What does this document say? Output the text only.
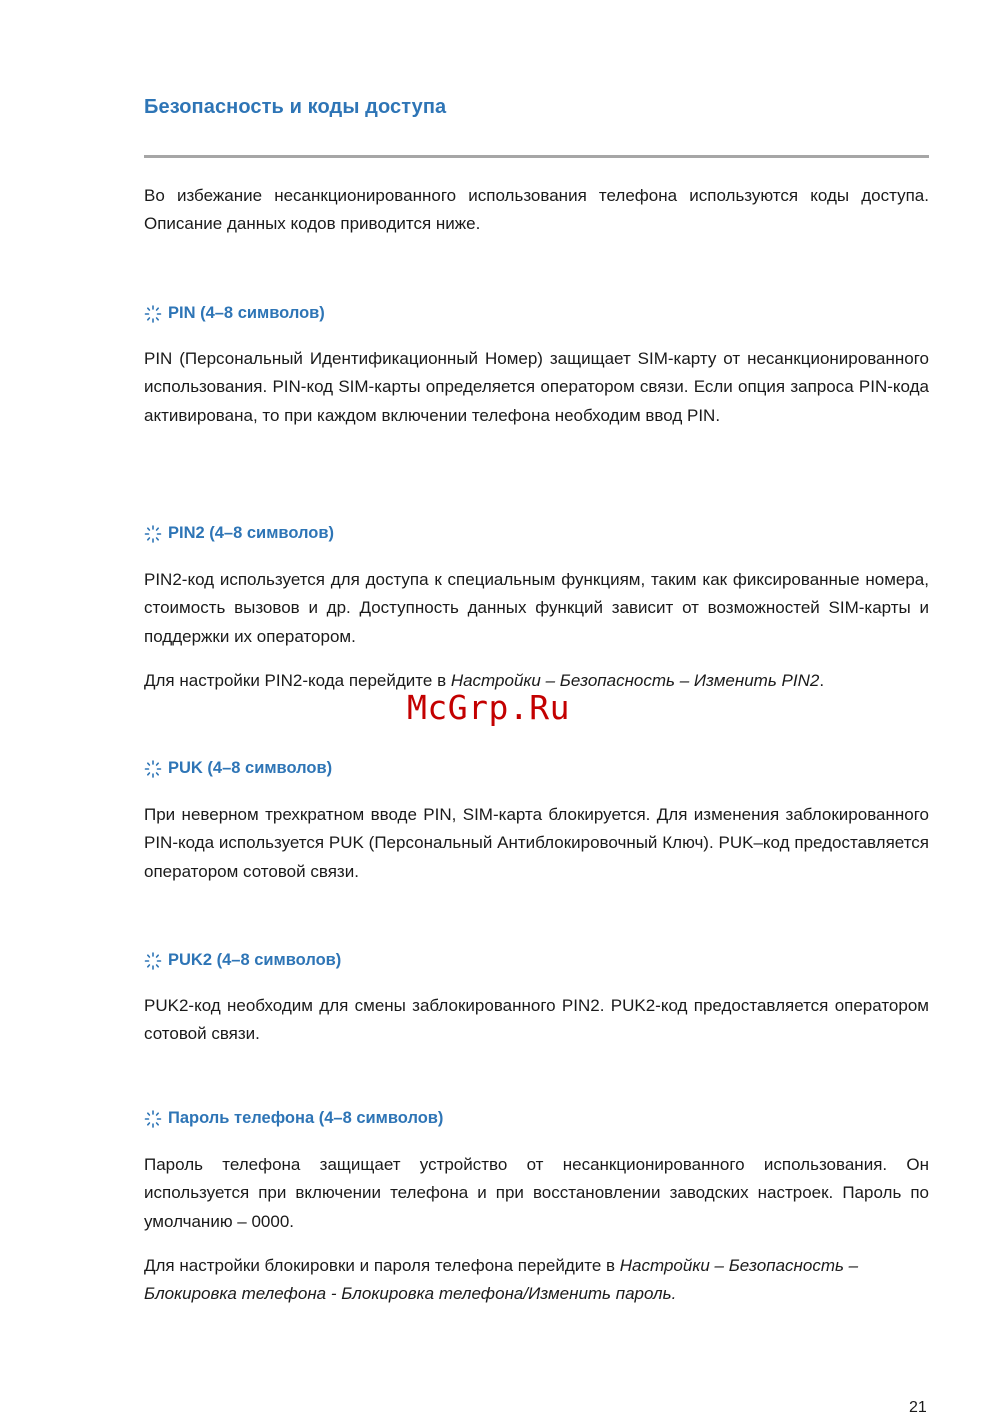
Безопасность и коды доступа

Во избежание несанкционированного использования телефона используются коды доступа. Описание данных кодов приводится ниже.

PIN (4–8 символов)

PIN (Персональный Идентификационный Номер) защищает SIM-карту от несанкционированного использования. PIN-код SIM-карты определяется оператором связи. Если опция запроса PIN-кода активирована, то при каждом включении телефона необходим ввод PIN.

PIN2 (4–8 символов)

PIN2-код используется для доступа к специальным функциям, таким как фиксированные номера, стоимость вызовов и др. Доступность данных функций зависит от возможностей SIM-карты и поддержки их оператором.

Для настройки PIN2-кода перейдите в Настройки – Безопасность – Изменить PIN2.

McGrp.Ru
PUK (4–8 символов)

При неверном трехкратном вводе PIN, SIM-карта блокируется. Для изменения заблокированного PIN-кода используется PUK (Персональный Антиблокировочный Ключ). PUK–код предоставляется оператором сотовой связи.

PUK2 (4–8 символов)

PUK2-код необходим для смены заблокированного PIN2. PUK2-код предоставляется оператором сотовой связи.

Пароль телефона (4–8 символов)

Пароль телефона защищает устройство от несанкционированного использования. Он используется при включении телефона и при восстановлении заводских настроек. Пароль по умолчанию – 0000.

Для настройки блокировки и пароля телефона перейдите в Настройки – Безопасность – Блокировка телефона - Блокировка телефона/Изменить пароль.

21
